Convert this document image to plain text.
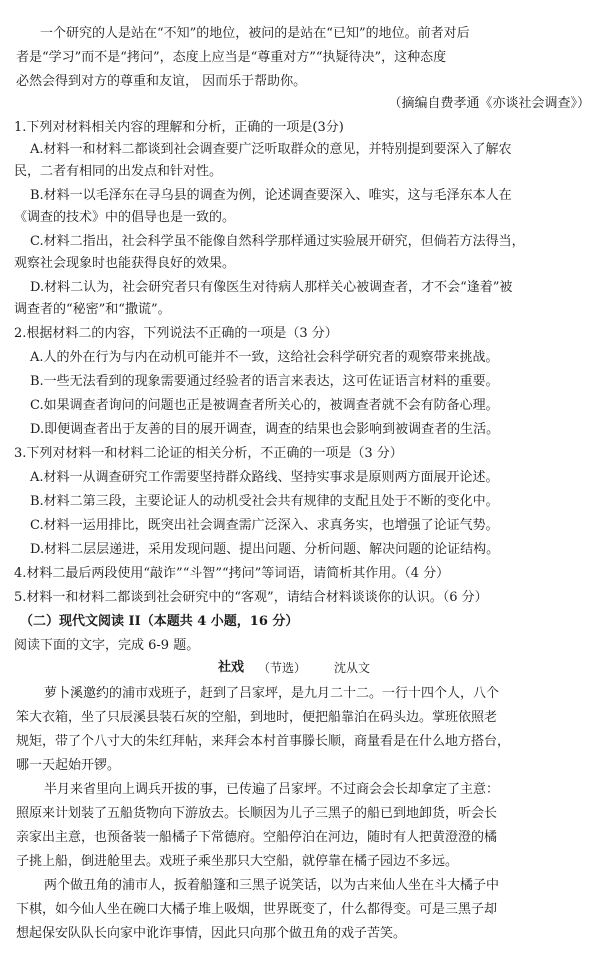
一个研究的人是站在“不知”的地位，被问的是站在“已知”的地位。前者对后
者是“学习”而不是“拷问”，态度上应当是“尊重对方”“执疑待决”，这种态度
必然会得到对方的尊重和友谊， 因而乐于帮助你。
（摘编自费孝通《亦谈社会调查》）
1.下列对材料相关内容的理解和分析，正确的一项是(3分)
A.材料一和材料二都谈到社会调查要广泛听取群众的意见，并特别提到要深入了解农
民，二者有相同的出发点和针对性。
B.材料一以毛泽东在寻乌县的调查为例，论述调查要深入、唯实，这与毛泽东本人在
《调查的技术》中的倡导也是一致的。
C.材料二指出，社会科学虽不能像自然科学那样通过实验展开研究，但倘若方法得当，
观察社会现象时也能获得良好的效果。
D.材料二认为，社会研究者只有像医生对待病人那样关心被调查者，才不会“逢着”被
调查者的“秘密”和“撒谎”。
2.根据材料二的内容，下列说法不正确的一项是（3 分）
A.人的外在行为与内在动机可能并不一致，这给社会科学研究者的观察带来挑战。
B.一些无法看到的现象需要通过经验者的语言来表达，这可佐证语言材料的重要。
C.如果调查者询问的问题也正是被调查者所关心的，被调查者就不会有防备心理。
D.即便调查者出于友善的目的展开调查，调查的结果也会影响到被调查者的生活。
3.下列对材料一和材料二论证的相关分析，不正确的一项是（3 分）
A.材料一从调查研究工作需要坚持群众路线、坚持实事求是原则两方面展开论述。
B.材料二第三段，主要论证人的动机受社会共有规律的支配且处于不断的变化中。
C.材料一运用排比，既突出社会调查需广泛深入、求真务实，也增强了论证气势。
D.材料二层层递进，采用发现问题、提出问题、分析问题、解决问题的论证结构。
4.材料二最后两段使用“敲诈”“斗智”“拷问”等词语，请简析其作用。（4 分）
5.材料一和材料二都谈到社会研究中的“客观”，请结合材料谈谈你的认识。（6 分）
（二）现代文阅读 II（本题共 4 小题，16 分）
阅读下面的文字，完成 6-9 题。
社戏 （节选） 沈从文
萝卜溪邀约的浦市戏班子，赶到了吕家坪，是九月二十二。一行十四个人，八个
笨大衣箱，坐了只辰溪县装石灰的空船，到地时，便把船靠泊在码头边。掌班依照老
规矩，带了个八寸大的朱红拜帖，来拜会本村首事滕长顺，商量看是在什么地方搭台，
哪一天起始开锣。
半月来省里向上调兵开拔的事，已传遍了吕家坪。不过商会会长却拿定了主意：
照原来计划装了五船货物向下游放去。长顺因为儿子三黑子的船已到地卸货，听会长
亲家出主意，也预备装一船橘子下常德府。空船停泊在河边，随时有人把黄澄澄的橘
子挑上船，倒进舱里去。戏班子乘坐那只大空船，就停靠在橘子园边不多远。
两个做丑角的浦市人，扳着船篷和三黑子说笑话，以为古来仙人坐在斗大橘子中
下棋，如今仙人坐在碗口大橘子堆上吸烟，世界既变了，什么都得变。可是三黑子却
想起保安队队长向家中讹诈事情，因此只向那个做丑角的戏子苦笑。
